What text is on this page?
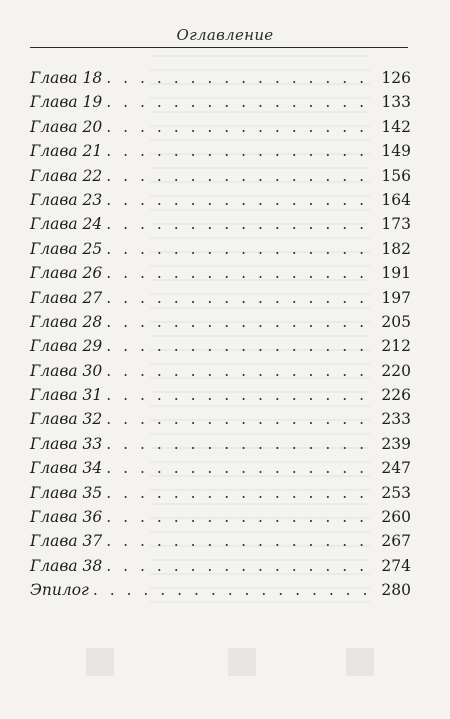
Оглавление
Глава 18 . . .	126
Глава 19 . . .	133
Глава 20 . . .	142
Глава 21 . . .	149
Глава 22 . . .	156
Глава 23 . . .	164
Глава 24 . . .	173
Глава 25 . . .	182
Глава 26 . . .	191
Глава 27 . . .	197
Глава 28 . . .	205
Глава 29 . . .	212
Глава 30 . . .	220
Глава 31 . . .	226
Глава 32 . . .	233
Глава 33 . . .	239
Глава 34 . . .	247
Глава 35 . . .	253
Глава 36 . . .	260
Глава 37 . . .	267
Глава 38 . . .	274
Эпилог . . .	280
